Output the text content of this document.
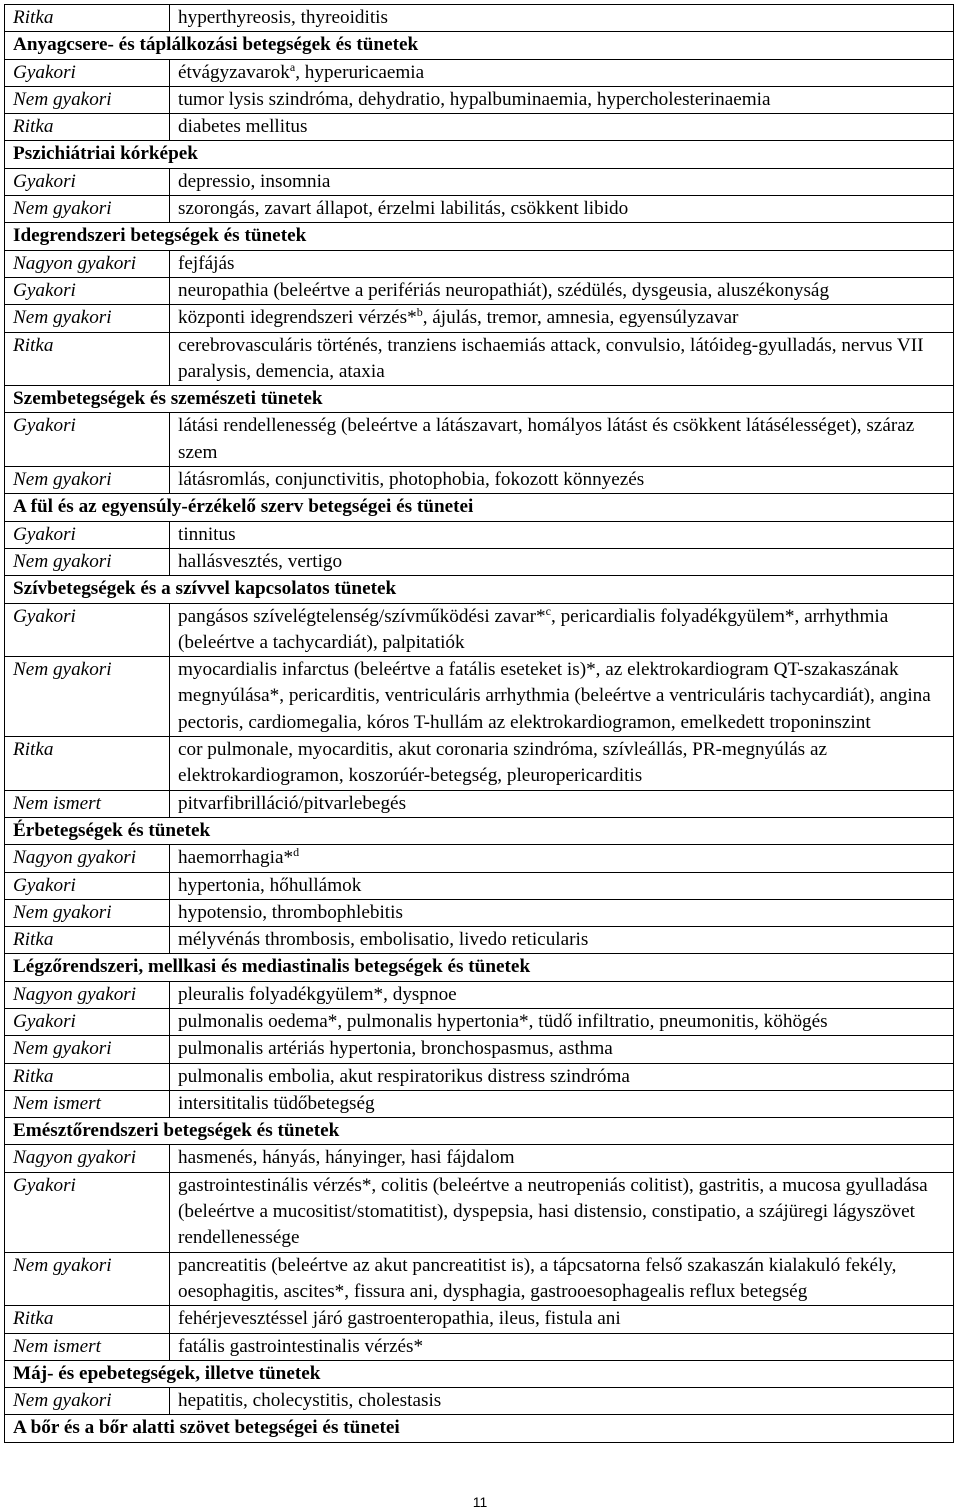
Ritka	hyperthyreosis, thyreoiditis
Anyagcsere- és táplálkozási betegségek és tünetek	
Gyakori	étvágyzavarok$^a$, hyperuricaemia
Nem gyakori	tumor lysis szindróma, dehydratio, hypalbuminaemia, hypercholesterinaemia
Ritka	diabetes mellitus
Pszichiátriai kórképek	
Gyakori	depressio, insomnia
Nem gyakori	szorongás, zavart állapot, érzelmi labilitás, csökkent libido
Idegrendszeri betegségek és tünetek	
Nagyon gyakori	fejfájás
Gyakori	neuropathia (beleértve a perifériás neuropathiát), szédülés, dysgeusia, aluszékonyság
Nem gyakori	központi idegrendszeri vérzés*$^b$, ájulás, tremor, amnesia, egyensúlyzavar
Ritka	cerebrovasculáris történés, tranziens ischaemiás attack, convulsio, látóideg-gyulladás, nervus VII paralysis, demencia, ataxia
Szembetegségek és szemészeti tünetek	
Gyakori	látási rendellenesség (beleértve a látászavart, homályos látást és csökkent látásélességet), száraz szem
Nem gyakori	látásromlás, conjunctivitis, photophobia, fokozott könnyezés
A fül és az egyensúly-érzékelő szerv betegségei és tünetei	
Gyakori	tinnitus
Nem gyakori	hallásvesztés, vertigo
Szívbetegségek és a szívvel kapcsolatos tünetek	
Gyakori	pangásos szívelégtelenség/szívműködési zavar*$^c$, pericardialis folyadékgyülem*, arrhythmia (beleértve a tachycardiát), palpitatiók
Nem gyakori	myocardialis infarctus (beleértve a fatális eseteket is)*, az elektrokardiogram QT-szakaszának megnyúlása*, pericarditis, ventriculáris arrhythmia (beleértve a ventriculáris tachycardiát), angina pectoris, cardiomegalia, kóros T-hullám az elektrokardiogramon, emelkedett troponinszint
Ritka	cor pulmonale, myocarditis, akut coronaria szindróma, szívleállás, PR-megnyúlás az elektrokardiogramon, koszorúér-betegség, pleuropericarditis
Nem ismert	pitvarfibrilláció/pitvarlebegés
Érbetegségek és tünetek	
Nagyon gyakori	haemorrhagia*$^d$
Gyakori	hypertonia, hőhullámok
Nem gyakori	hypotensio, thrombophlebitis
Ritka	mélyvénás thrombosis, embolisatio, livedo reticularis
Légzőrendszeri, mellkasi és mediastinalis betegségek és tünetek	
Nagyon gyakori	pleuralis folyadékgyülem*, dyspnoe
Gyakori	pulmonalis oedema*, pulmonalis hypertonia*, tüdő infiltratio, pneumonitis, köhögés
Nem gyakori	pulmonalis artériás hypertonia, bronchospasmus, asthma
Ritka	pulmonalis embolia, akut respiratorikus distress szindróma
Nem ismert	intersititalis tüdőbetegség
Emésztőrendszeri betegségek és tünetek	
Nagyon gyakori	hasmenés, hányás, hányinger, hasi fájdalom
Gyakori	gastrointestinális vérzés*, colitis (beleértve a neutropeniás colitist), gastritis, a mucosa gyulladása (beleértve a mucositist/stomatitist), dyspepsia, hasi distensio, constipatio, a szájüregi lágyszövet rendellenessége
Nem gyakori	pancreatitis (beleértve az akut pancreatitist is), a tápcsatorna felső szakaszán kialakuló fekély, oesophagitis, ascites*, fissura ani, dysphagia, gastrooesophagealis reflux betegség
Ritka	fehérjevesztéssel járó gastroenteropathia, ileus, fistula ani
Nem ismert	fatális gastrointestinalis vérzés*
Máj- és epebetegségek, illetve tünetek	
Nem gyakori	hepatitis, cholecystitis, cholestasis
A bőr és a bőr alatti szövet betegségei és tünetei	
11
